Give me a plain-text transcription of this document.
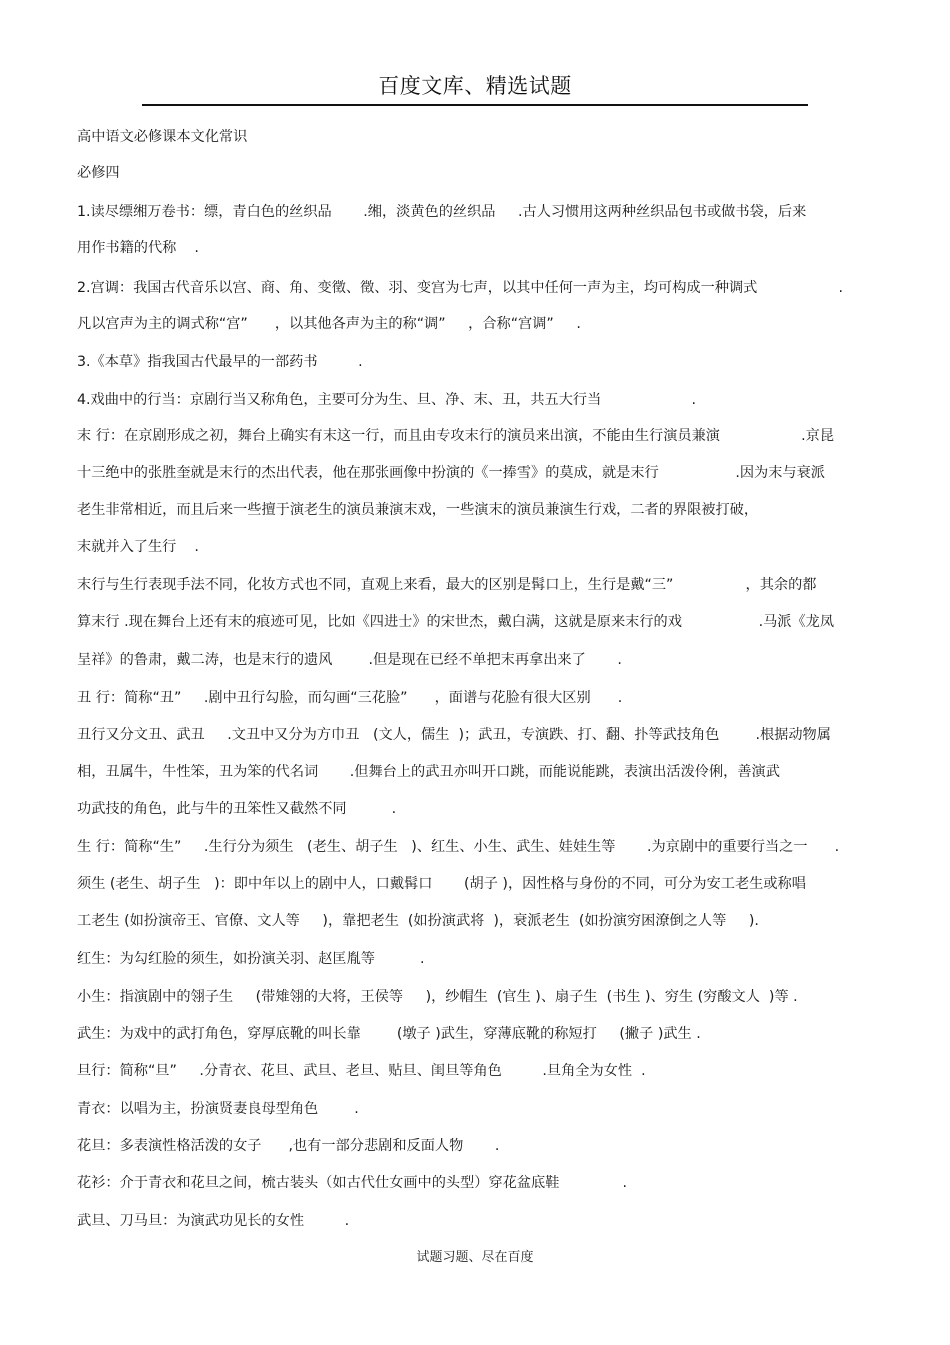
百度文库、精选试题
高中语文必修课本文化常识
必修四
1.读尽缥缃万卷书：缥，青白色的丝织品       .缃，淡黄色的丝织品     .古人习惯用这两种丝织品包书或做书袋，后来
用作书籍的代称    .
2.宫调：我国古代音乐以宫、商、角、变徵、徵、羽、变宫为七声，以其中任何一声为主，均可构成一种调式                  .
凡以宫声为主的调式称“宫”      ，以其他各声为主的称“调”     ，合称“宫调”     .
3.《本草》指我国古代最早的一部药书         .
4.戏曲中的行当：京剧行当又称角色，主要可分为生、旦、净、末、丑，共五大行当                    .
末 行：在京剧形成之初，舞台上确实有末这一行，而且由专攻末行的演员来出演，不能由生行演员兼演                  .京昆
十三绝中的张胜奎就是末行的杰出代表，他在那张画像中扮演的《一捧雪》的莫成，就是末行                 .因为末与衰派
老生非常相近，而且后来一些擅于演老生的演员兼演末戏，一些演末的演员兼演生行戏，二者的界限被打破，
末就并入了生行    .
末行与生行表现手法不同，化妆方式也不同，直观上来看，最大的区别是髯口上，生行是戴“三”                ，其余的都
算末行 .现在舞台上还有末的痕迹可见，比如《四进士》的宋世杰，戴白满，这就是原来末行的戏                 .马派《龙凤
呈祥》的鲁肃，戴二涛，也是末行的遗风        .但是现在已经不单把末再拿出来了       .
丑 行：简称“丑”     .剧中丑行勾脸，而勾画“三花脸”      ，面谱与花脸有很大区别      .
丑行又分文丑、武丑     .文丑中又分为方巾丑   (文人，儒生  )；武丑，专演跌、打、翻、扑等武技角色        .根据动物属
相，丑属牛，牛性笨，丑为笨的代名词       .但舞台上的武丑亦叫开口跳，而能说能跳，表演出活泼伶俐，善演武
功武技的角色，此与牛的丑笨性又截然不同          .
生 行：简称“生”     .生行分为须生   (老生、胡子生   )、红生、小生、武生、娃娃生等       .为京剧中的重要行当之一      .
须生 (老生、胡子生   )：即中年以上的剧中人，口戴髯口       (胡子 )，因性格与身份的不同，可分为安工老生或称唱
工老生 (如扮演帝王、官僚、文人等     )，靠把老生  (如扮演武将  )，衰派老生  (如扮演穷困潦倒之人等     ).
红生：为勾红脸的须生，如扮演关羽、赵匡胤等          .
小生：指演剧中的翎子生     (带雉翎的大将，王侯等     )，纱帽生  (官生 )、扇子生  (书生 )、穷生 (穷酸文人  )等 .
武生：为戏中的武打角色，穿厚底靴的叫长靠        (墩子 )武生，穿薄底靴的称短打     (撇子 )武生 .
旦行：简称“旦”     .分青衣、花旦、武旦、老旦、贴旦、闺旦等角色         .旦角全为女性  .
青衣：以唱为主，扮演贤妻良母型角色        .
花旦：多表演性格活泼的女子      ,也有一部分悲剧和反面人物       .
花衫：介于青衣和花旦之间，梳古装头（如古代仕女画中的头型）穿花盆底鞋              .
武旦、刀马旦：为演武功见长的女性         .
试题习题、尽在百度
